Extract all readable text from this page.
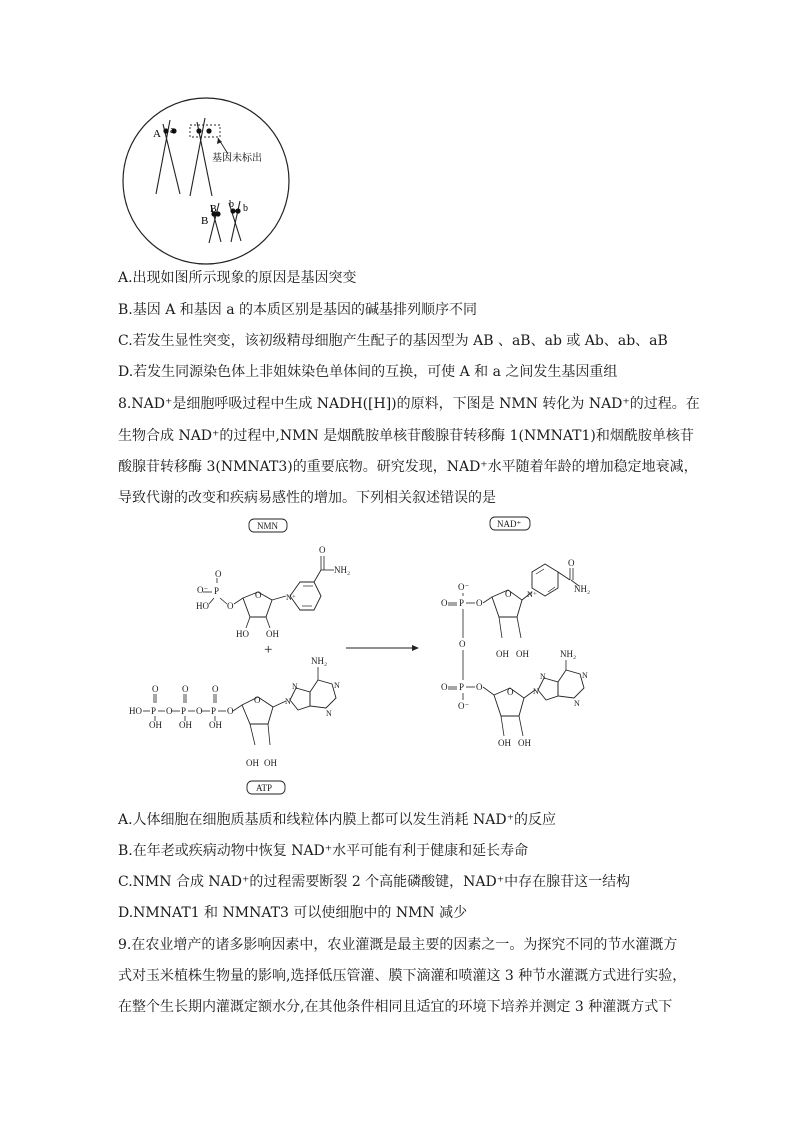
A a
B
B b b
基因未标出
A.出现如图所示现象的原因是基因突变
B.基因 A 和基因 a 的本质区别是基因的碱基排列顺序不同
C.若发生显性突变，该初级精母细胞产生配子的基因型为 AB 、aB、ab 或 Ab、ab、aB
D.若发生同源染色体上非姐妹染色单体间的互换，可使 A 和 a 之间发生基因重组
8.NAD⁺是细胞呼吸过程中生成 NADH([H])的原料，下图是 NMN 转化为 NAD⁺的过程。在
生物合成 NAD⁺的过程中,NMN 是烟酰胺单核苷酸腺苷转移酶 1(NMNAT1)和烟酰胺单核苷
酸腺苷转移酶 3(NMNAT3)的重要底物。研究发现，NAD⁺水平随着年龄的增加稳定地衰减，
导致代谢的改变和疾病易感性的增加。下列相关叙述错误的是
NMN	NAD⁺
ATP
O⁻ P
O
HO O
O
HO OH
N⁺
O
NH₂
+
HO P O P O P O
O	O	O
OH OH OH
O
OH OH
N
N	N
N
NH₂
O⁻
P
O	O
O
P
O	O
O⁻
O
OH OH
N⁺
O
NH₂
O
OH OH
N
N	N
N
NH₂
A.人体细胞在细胞质基质和线粒体内膜上都可以发生消耗 NAD⁺的反应
B.在年老或疾病动物中恢复 NAD⁺水平可能有利于健康和延长寿命
C.NMN 合成 NAD⁺的过程需要断裂 2 个高能磷酸键，NAD⁺中存在腺苷这一结构
D.NMNAT1 和 NMNAT3 可以使细胞中的 NMN 减少
9.在农业增产的诸多影响因素中，农业灌溉是最主要的因素之一。为探究不同的节水灌溉方
式对玉米植株生物量的影响,选择低压管灌、膜下滴灌和喷灌这 3 种节水灌溉方式进行实验，
在整个生长期内灌溉定额水分,在其他条件相同且适宜的环境下培养并测定 3 种灌溉方式下
